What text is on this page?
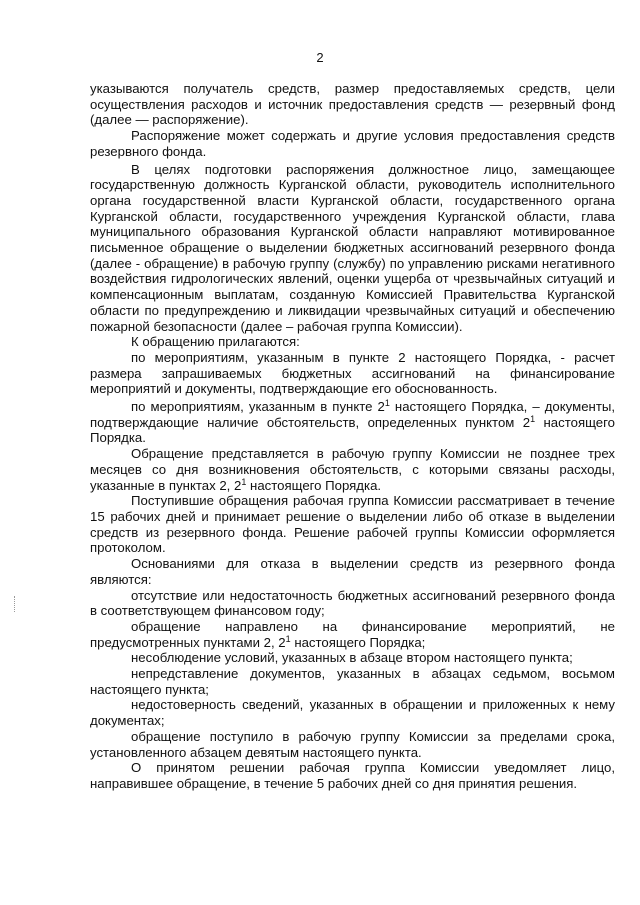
2

указываются получатель средств, размер предоставляемых средств, цели осуществления расходов и источник предоставления средств — резервный фонд (далее — распоряжение).

Распоряжение может содержать и другие условия предоставления средств резервного фонда.

В целях подготовки распоряжения должностное лицо, замещающее государственную должность Курганской области, руководитель исполнительного органа государственной власти Курганской области, государственного органа Курганской области, государственного учреждения Курганской области, глава муниципального образования Курганской области направляют мотивированное письменное обращение о выделении бюджетных ассигнований резервного фонда (далее - обращение) в рабочую группу (службу) по управлению рисками негативного воздействия гидрологических явлений, оценки ущерба от чрезвычайных ситуаций и компенсационным выплатам, созданную Комиссией Правительства Курганской области по предупреждению и ликвидации чрезвычайных ситуаций и обеспечению пожарной безопасности (далее – рабочая группа Комиссии).

К обращению прилагаются:

по мероприятиям, указанным в пункте 2 настоящего Порядка, - расчет размера запрашиваемых бюджетных ассигнований на финансирование мероприятий и документы, подтверждающие его обоснованность.

по мероприятиям, указанным в пункте $2^1$ настоящего Порядка, – документы, подтверждающие наличие обстоятельств, определенных пунктом $2^1$ настоящего Порядка.

Обращение представляется в рабочую группу Комиссии не позднее трех месяцев со дня возникновения обстоятельств, с которыми связаны расходы, указанные в пунктах 2, $2^1$ настоящего Порядка.

Поступившие обращения рабочая группа Комиссии рассматривает в течение 15 рабочих дней и принимает решение о выделении либо об отказе в выделении средств из резервного фонда. Решение рабочей группы Комиссии оформляется протоколом.

Основаниями для отказа в выделении средств из резервного фонда являются:

отсутствие или недостаточность бюджетных ассигнований резервного фонда в соответствующем финансовом году;

обращение направлено на финансирование мероприятий, не предусмотренных пунктами 2, $2^1$ настоящего Порядка;

несоблюдение условий, указанных в абзаце втором настоящего пункта;

непредставление документов, указанных в абзацах седьмом, восьмом настоящего пункта;

недостоверность сведений, указанных в обращении и приложенных к нему документах;

обращение поступило в рабочую группу Комиссии за пределами срока, установленного абзацем девятым настоящего пункта.

О принятом решении рабочая группа Комиссии уведомляет лицо, направившее обращение, в течение 5 рабочих дней со дня принятия решения.
